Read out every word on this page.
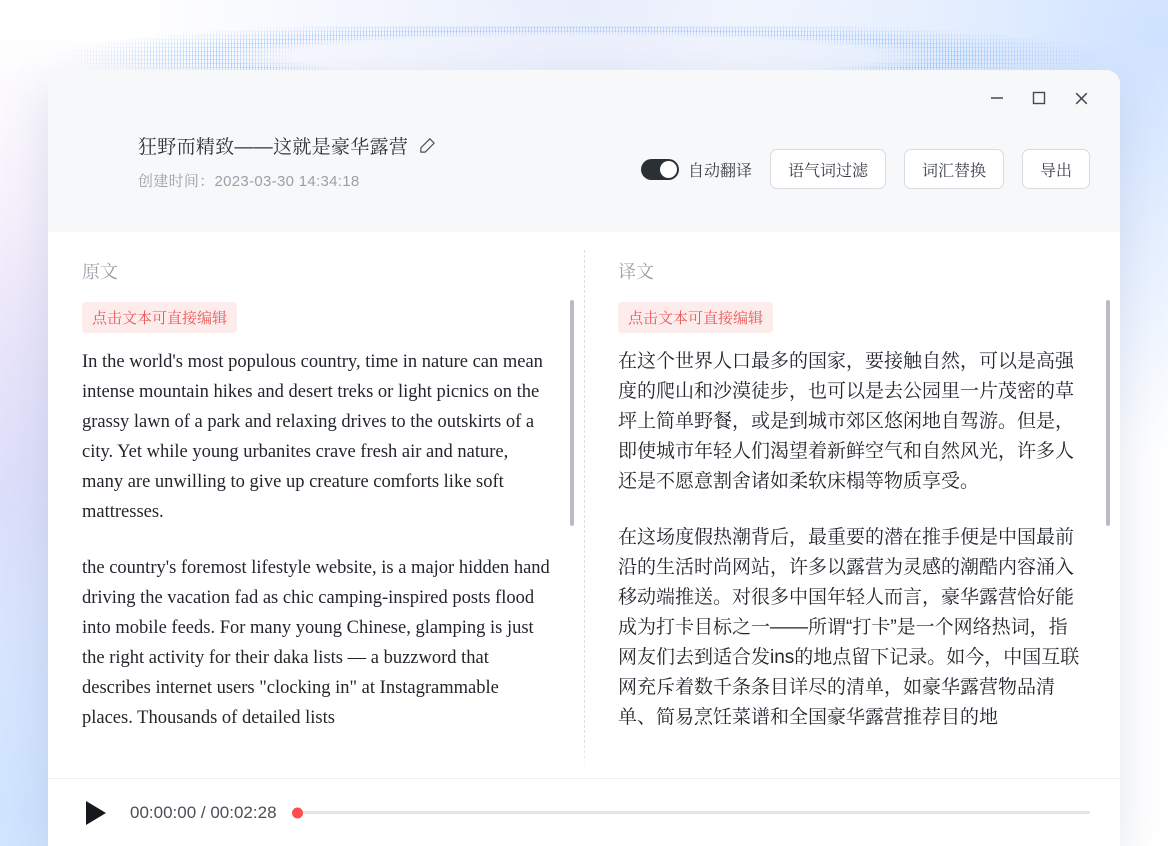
狂野而精致——这就是豪华露营
创建时间：2023-03-30 14:34:18
自动翻译	语气词过滤	词汇替换	导出
原文
点击文本可直接编辑

In the world's most populous country, time in nature can mean intense mountain hikes and desert treks or light picnics on the grassy lawn of a park and relaxing drives to the outskirts of a city. Yet while young urbanites crave fresh air and nature, many are unwilling to give up creature comforts like soft mattresses.

the country's foremost lifestyle website, is a major hidden hand driving the vacation fad as chic camping-inspired posts flood into mobile feeds. For many young Chinese, glamping is just the right activity for their daka lists — a buzzword that describes internet users "clocking in" at Instagrammable places. Thousands of detailed lists

译文
点击文本可直接编辑

在这个世界人口最多的国家，要接触自然，可以是高强度的爬山和沙漠徒步，也可以是去公园里一片茂密的草坪上简单野餐，或是到城市郊区悠闲地自驾游。但是，即使城市年轻人们渴望着新鲜空气和自然风光，许多人还是不愿意割舍诸如柔软床榻等物质享受。

在这场度假热潮背后，最重要的潜在推手便是中国最前沿的生活时尚网站，许多以露营为灵感的潮酷内容涌入移动端推送。对很多中国年轻人而言，豪华露营恰好能成为打卡目标之一——所谓“打卡”是一个网络热词，指网友们去到适合发ins的地点留下记录。如今，中国互联网充斥着数千条条目详尽的清单，如豪华露营物品清单、简易烹饪菜谱和全国豪华露营推荐目的地

00:00:00 / 00:02:28
